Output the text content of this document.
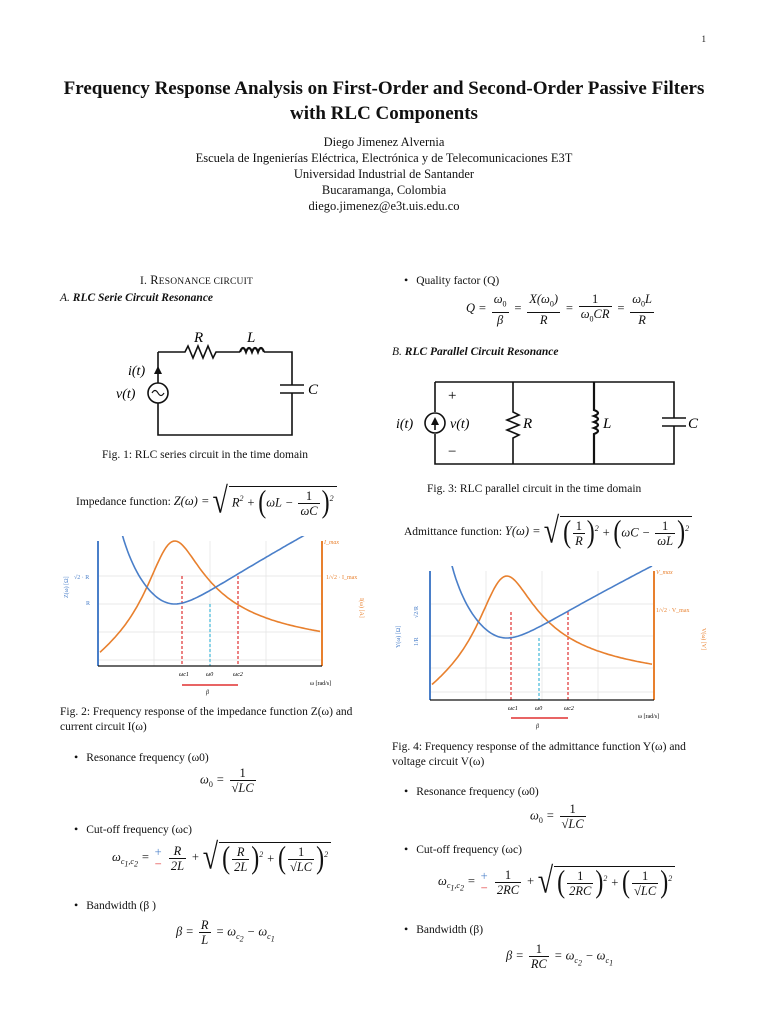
1
Frequency Response Analysis on First-Order and Second-Order Passive Filters with RLC Components
Diego Jimenez Alvernia
Escuela de Ingenierías Eléctrica, Electrónica y de Telecomunicaciones E3T
Universidad Industrial de Santander
Bucaramanga, Colombia
diego.jimenez@e3t.uis.edu.co
I. RESONANCE CIRCUIT
A. RLC Serie Circuit Resonance
R	L
C
i(t)
v(t)
Fig. 1: RLC series circuit in the time domain
Impedance function: Z(ω) = √ $R^2 + (\omega L - \frac{1}{\omega C} )^2$
Z(ω) [Ω]
I(ω) [A]
√2 · R
R
I_max
1/√2 · I_max
ωc1	ω0	ωc2
ω [rad/s]
β
Fig. 2: Frequency response of the impedance function Z(ω) and current circuit I(ω)
• Resonance frequency (ω0)
$\omega_0 = \frac{1}{√LC}$
• Cut-off frequency (ωc)
$\omega_{c_1,c_2}$ = +
−
$\frac{R}{2L}$ + √ ( $\frac{R}{2L} )^2$ + ( $\frac{1}{√LC} )^2$
• Bandwidth (β )
$\beta = \frac{R}{L} = \omega_{c_2} - \omega_{c_1}$
• Quality factor (Q)
$Q = \frac{\omega_0}{\beta} = \frac{X(\omega_0)}{R} = \frac{1}{\omega_0CR} = \frac{\omega_0L}{R}$
B. RLC Parallel Circuit Resonance
R	L	C
i(t)	v(t)
+
−
Fig. 3: RLC parallel circuit in the time domain
Admittance function: Y(ω) = √ ( $\frac{1}{R} )^2 + (\omega C - \frac{1}{\omega L} )^2$
Y(ω) [Ω]	V(ω) [V]
√2/R
1/R
V_max
1/√2 · V_max
ωc1	ω0	ωc2
ω [rad/s]
β
Fig. 4: Frequency response of the admittance function Y(ω) and voltage circuit V(ω)
• Resonance frequency (ω0)
$\omega_0 = \frac{1}{√LC}$
• Cut-off frequency (ωc)
$\omega_{c_1,c_2}$ = +
−
$\frac{1}{2RC}$ + √ ( $\frac{1}{2RC} )^2$ + ( $\frac{1}{√LC} )^2$
• Bandwidth (β)
$\beta = \frac{1}{RC} = \omega_{c_2} - \omega_{c_1}$
